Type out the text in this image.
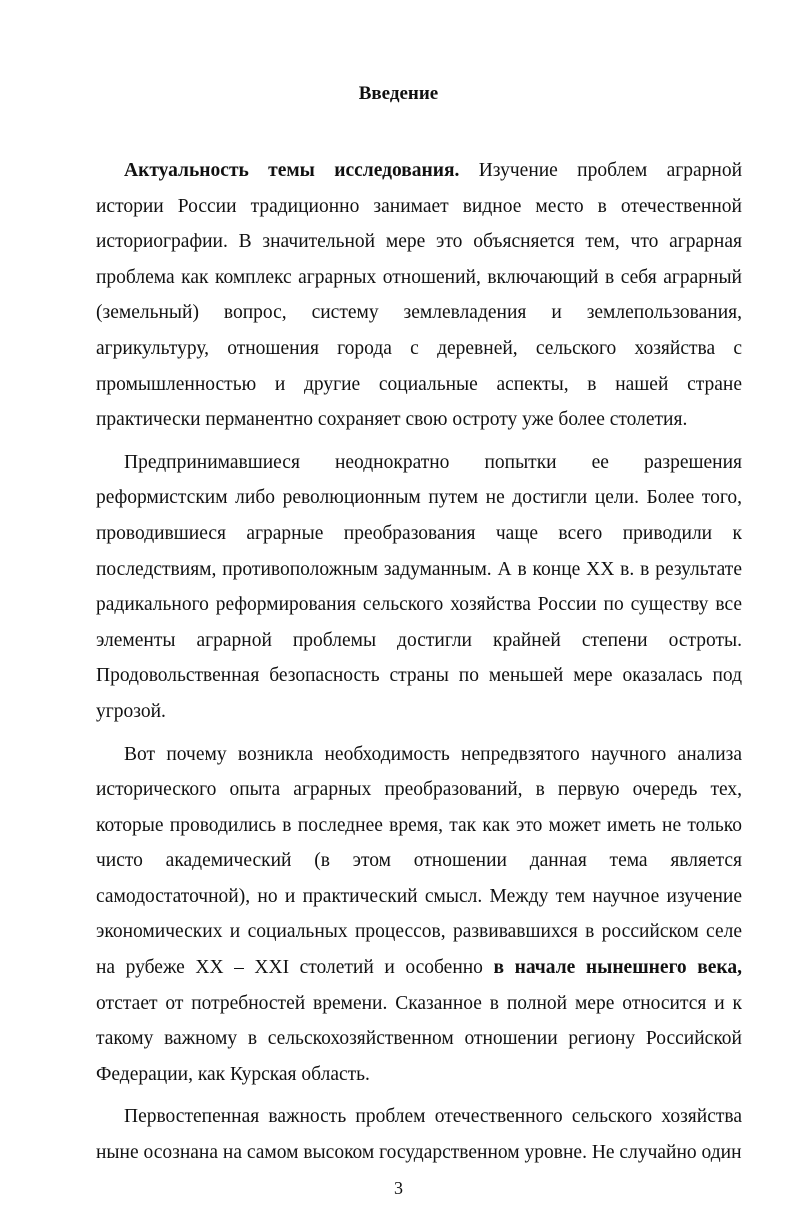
Введение

Актуальность темы исследования. Изучение проблем аграрной истории России традиционно занимает видное место в отечественной историографии. В значительной мере это объясняется тем, что аграрная проблема как комплекс аграрных отношений, включающий в себя аграрный (земельный) вопрос, систему землевладения и землепользования, агрикультуру, отношения города с деревней, сельского хозяйства с промышленностью и другие социальные аспекты, в нашей стране практически перманентно сохраняет свою остроту уже более столетия.

Предпринимавшиеся неоднократно попытки ее разрешения реформистским либо революционным путем не достигли цели. Более того, проводившиеся аграрные преобразования чаще всего приводили к последствиям, противоположным задуманным. А в конце XX в. в результате радикального реформирования сельского хозяйства России по существу все элементы аграрной проблемы достигли крайней степени остроты. Продовольственная безопасность страны по меньшей мере оказалась под угрозой.

Вот почему возникла необходимость непредвзятого научного анализа исторического опыта аграрных преобразований, в первую очередь тех, которые проводились в последнее время, так как это может иметь не только чисто академический (в этом отношении данная тема является самодостаточной), но и практический смысл. Между тем научное изучение экономических и социальных процессов, развивавшихся в российском селе на рубеже XX – XXI столетий и особенно в начале нынешнего века, отстает от потребностей времени. Сказанное в полной мере относится и к такому важному в сельскохозяйственном отношении региону Российской Федерации, как Курская область.

Первостепенная важность проблем отечественного сельского хозяйства ныне осознана на самом высоком государственном уровне. Не случайно один

3
